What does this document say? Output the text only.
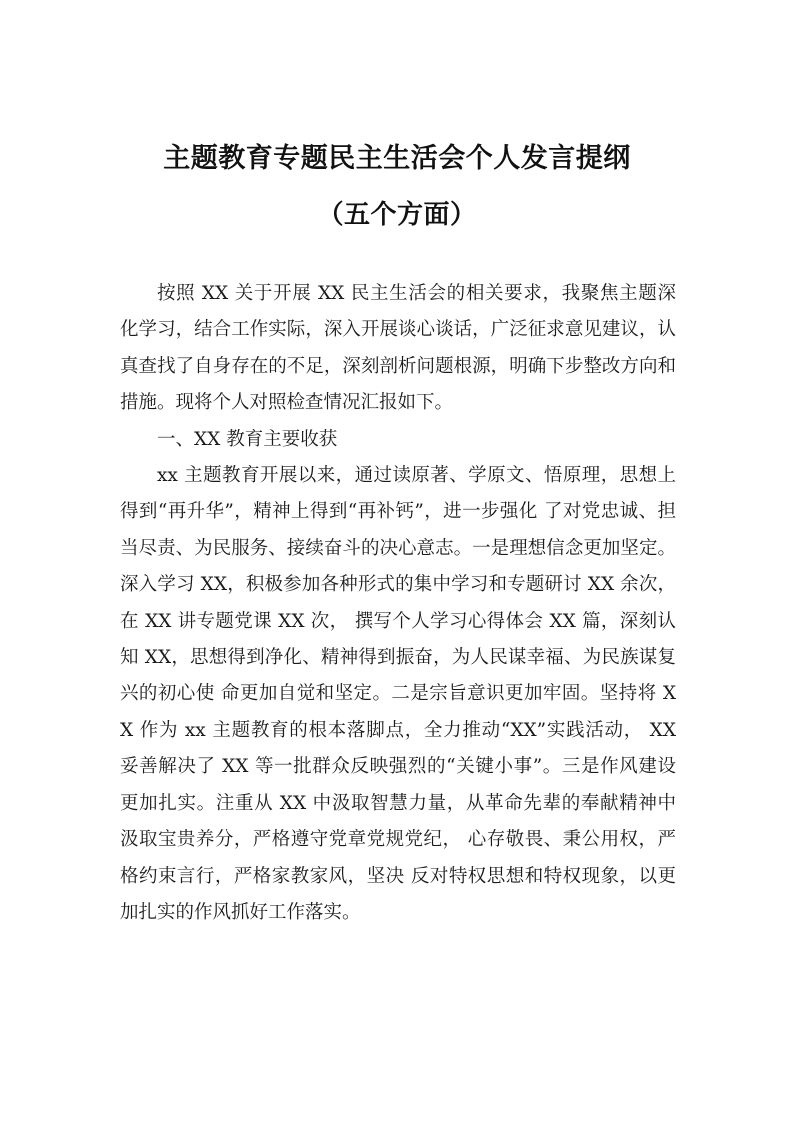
主题教育专题民主生活会个人发言提纲
（五个方面）

按照 XX 关于开展 XX 民主生活会的相关要求，我聚焦主题深化学习，结合工作实际，深入开展谈心谈话，广泛征求意见建议，认真查找了自身存在的不足，深刻剖析问题根源，明确下步整改方向和措施。现将个人对照检查情况汇报如下。

一、XX 教育主要收获

xx 主题教育开展以来，通过读原著、学原文、悟原理，思想上得到“再升华”，精神上得到“再补钙”，进一步强化 了对党忠诚、担当尽责、为民服务、接续奋斗的决心意志。一是理想信念更加坚定。深入学习 XX，积极参加各种形式的集中学习和专题研讨 XX 余次，在 XX 讲专题党课 XX 次， 撰写个人学习心得体会 XX 篇，深刻认知 XX，思想得到净化、精神得到振奋，为人民谋幸福、为民族谋复兴的初心使 命更加自觉和坚定。二是宗旨意识更加牢固。坚持将 XX 作为 xx 主题教育的根本落脚点，全力推动“XX”实践活动， XX 妥善解决了 XX 等一批群众反映强烈的“关键小事”。三是作风建设更加扎实。注重从 XX 中汲取智慧力量，从革命先辈的奉献精神中汲取宝贵养分，严格遵守党章党规党纪， 心存敬畏、秉公用权，严格约束言行，严格家教家风，坚决 反对特权思想和特权现象，以更加扎实的作风抓好工作落实。
